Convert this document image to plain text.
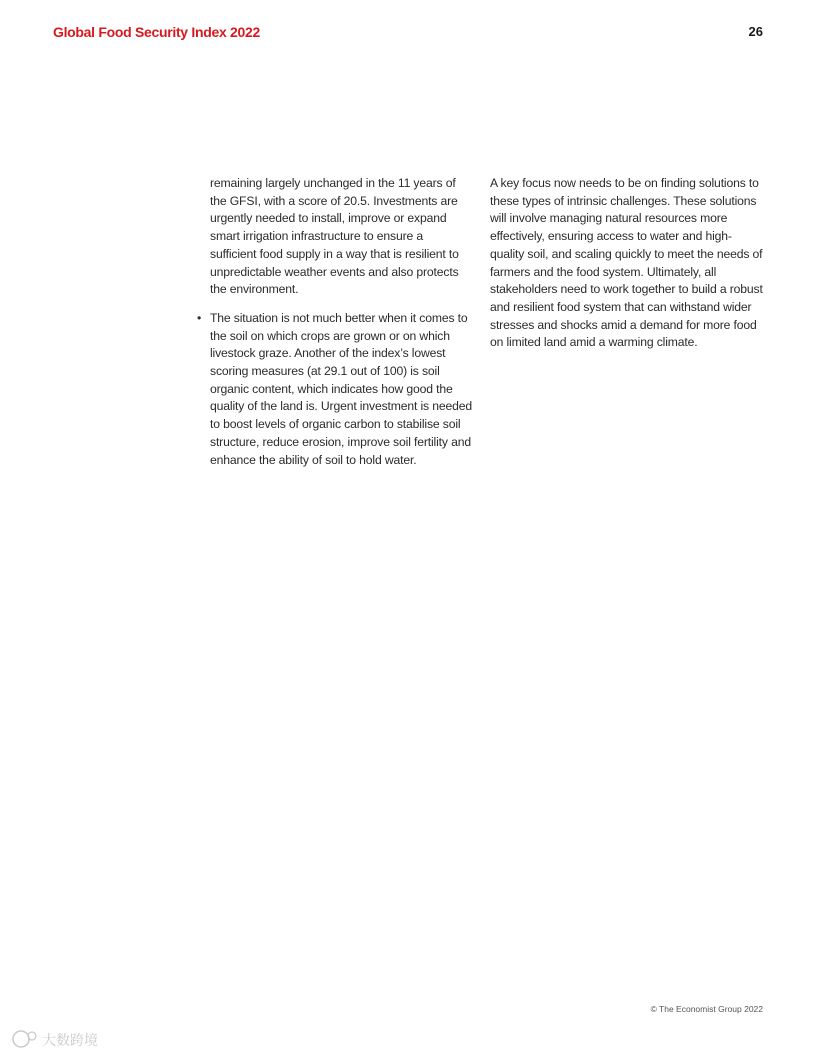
Global Food Security Index 2022	26

remaining largely unchanged in the 11 years of the GFSI, with a score of 20.5. Investments are urgently needed to install, improve or expand smart irrigation infrastructure to ensure a sufficient food supply in a way that is resilient to unpredictable weather events and also protects the environment.

• The situation is not much better when it comes to the soil on which crops are grown or on which livestock graze. Another of the index’s lowest scoring measures (at 29.1 out of 100) is soil organic content, which indicates how good the quality of the land is. Urgent investment is needed to boost levels of organic carbon to stabilise soil structure, reduce erosion, improve soil fertility and enhance the ability of soil to hold water.

A key focus now needs to be on finding solutions to these types of intrinsic challenges. These solutions will involve managing natural resources more effectively, ensuring access to water and high-quality soil, and scaling quickly to meet the needs of farmers and the food system. Ultimately, all stakeholders need to work together to build a robust and resilient food system that can withstand wider stresses and shocks amid a demand for more food on limited land amid a warming climate.

© The Economist Group 2022
大数跨境
